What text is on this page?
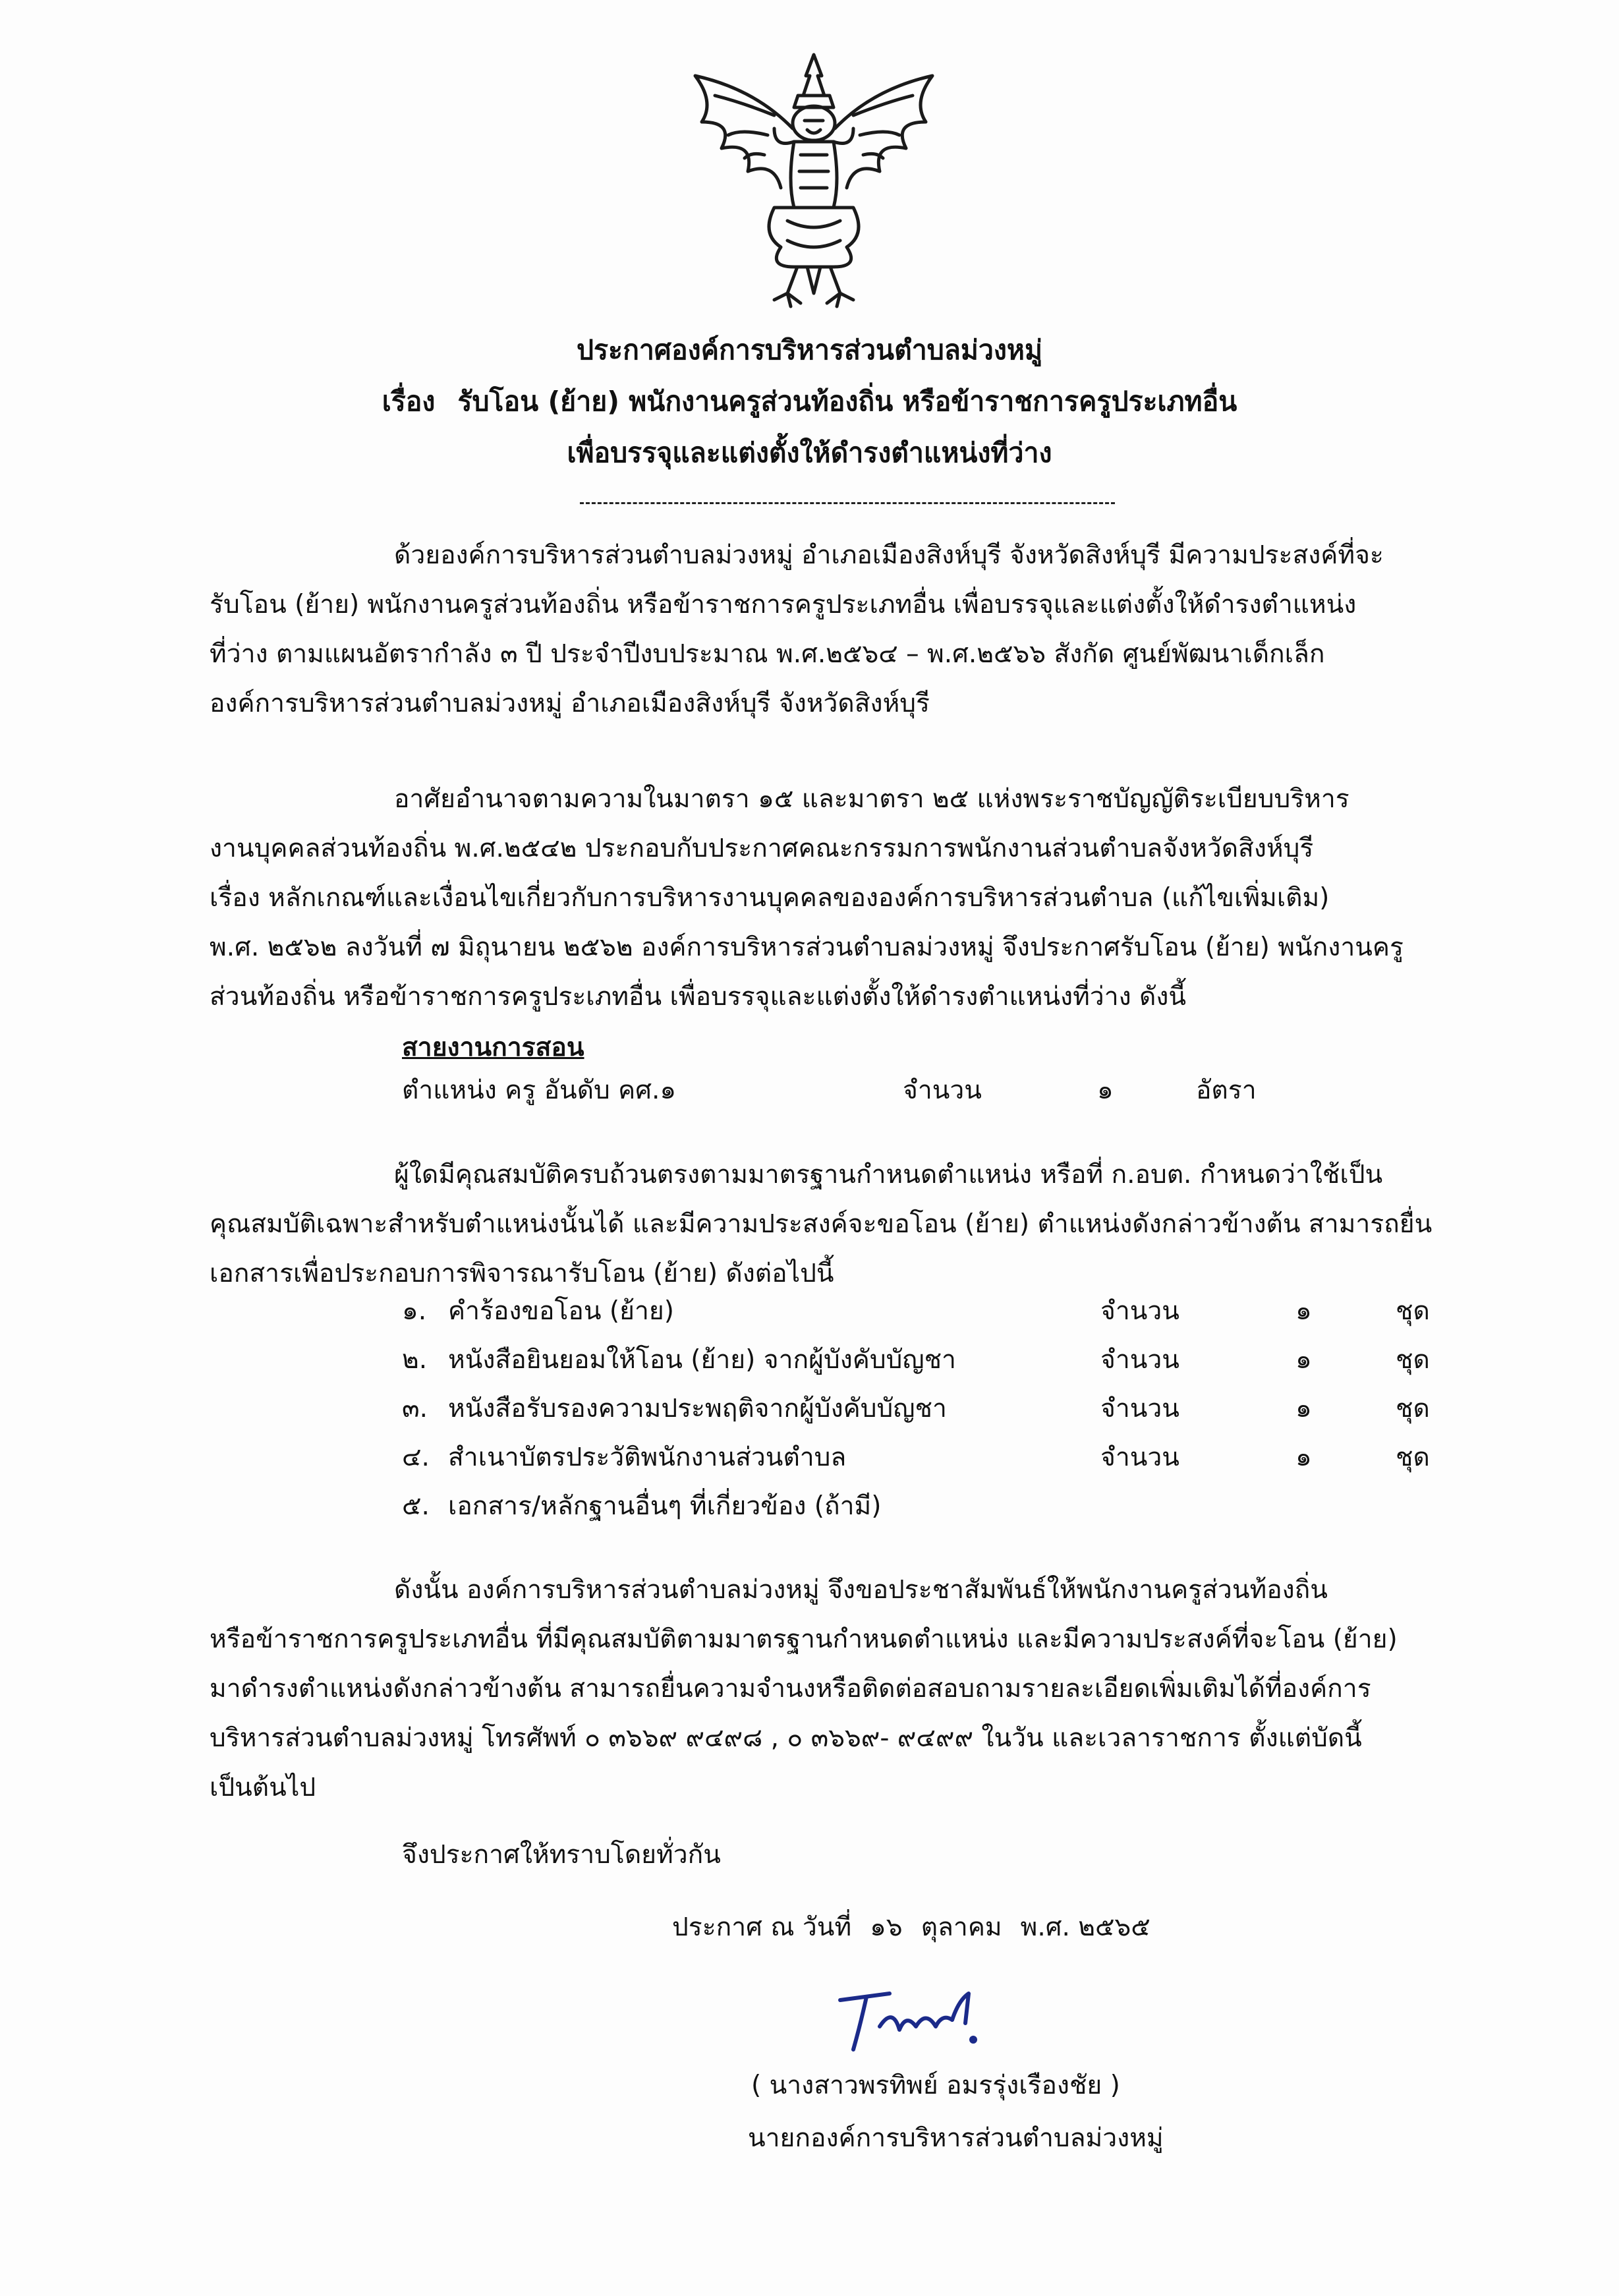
ประกาศองค์การบริหารส่วนตำบลม่วงหมู่
เรื่อง รับโอน (ย้าย) พนักงานครูส่วนท้องถิ่น หรือข้าราชการครูประเภทอื่น
เพื่อบรรจุและแต่งตั้งให้ดำรงตำแหน่งที่ว่าง

ด้วยองค์การบริหารส่วนตำบลม่วงหมู่ อำเภอเมืองสิงห์บุรี จังหวัดสิงห์บุรี มีความประสงค์ที่จะ
รับโอน (ย้าย) พนักงานครูส่วนท้องถิ่น หรือข้าราชการครูประเภทอื่น เพื่อบรรจุและแต่งตั้งให้ดำรงตำแหน่ง
ที่ว่าง ตามแผนอัตรากำลัง ๓ ปี ประจำปีงบประมาณ พ.ศ.๒๕๖๔ – พ.ศ.๒๕๖๖ สังกัด ศูนย์พัฒนาเด็กเล็ก
องค์การบริหารส่วนตำบลม่วงหมู่ อำเภอเมืองสิงห์บุรี จังหวัดสิงห์บุรี

อาศัยอำนาจตามความในมาตรา ๑๕ และมาตรา ๒๕ แห่งพระราชบัญญัติระเบียบบริหาร
งานบุคคลส่วนท้องถิ่น พ.ศ.๒๕๔๒ ประกอบกับประกาศคณะกรรมการพนักงานส่วนตำบลจังหวัดสิงห์บุรี
เรื่อง หลักเกณฑ์และเงื่อนไขเกี่ยวกับการบริหารงานบุคคลขององค์การบริหารส่วนตำบล (แก้ไขเพิ่มเติม)
พ.ศ. ๒๕๖๒ ลงวันที่ ๗ มิถุนายน ๒๕๖๒ องค์การบริหารส่วนตำบลม่วงหมู่ จึงประกาศรับโอน (ย้าย) พนักงานครู
ส่วนท้องถิ่น หรือข้าราชการครูประเภทอื่น เพื่อบรรจุและแต่งตั้งให้ดำรงตำแหน่งที่ว่าง ดังนี้

สายงานการสอน
ตำแหน่ง ครู อันดับ คศ.๑	จำนวน	๑	อัตรา

ผู้ใดมีคุณสมบัติครบถ้วนตรงตามมาตรฐานกำหนดตำแหน่ง หรือที่ ก.อบต. กำหนดว่าใช้เป็น
คุณสมบัติเฉพาะสำหรับตำแหน่งนั้นได้ และมีความประสงค์จะขอโอน (ย้าย) ตำแหน่งดังกล่าวข้างต้น สามารถยื่น
เอกสารเพื่อประกอบการพิจารณารับโอน (ย้าย) ดังต่อไปนี้

๑. คำร้องขอโอน (ย้าย)	จำนวน	๑	ชุด
๒. หนังสือยินยอมให้โอน (ย้าย) จากผู้บังคับบัญชา	จำนวน	๑	ชุด
๓. หนังสือรับรองความประพฤติจากผู้บังคับบัญชา	จำนวน	๑	ชุด
๔. สำเนาบัตรประวัติพนักงานส่วนตำบล	จำนวน	๑	ชุด
๕. เอกสาร/หลักฐานอื่นๆ ที่เกี่ยวข้อง (ถ้ามี)

ดังนั้น องค์การบริหารส่วนตำบลม่วงหมู่ จึงขอประชาสัมพันธ์ให้พนักงานครูส่วนท้องถิ่น
หรือข้าราชการครูประเภทอื่น ที่มีคุณสมบัติตามมาตรฐานกำหนดตำแหน่ง และมีความประสงค์ที่จะโอน (ย้าย)
มาดำรงตำแหน่งดังกล่าวข้างต้น สามารถยื่นความจำนงหรือติดต่อสอบถามรายละเอียดเพิ่มเติมได้ที่องค์การ
บริหารส่วนตำบลม่วงหมู่ โทรศัพท์ ๐ ๓๖๖๙ ๙๔๙๘ , ๐ ๓๖๖๙- ๙๔๙๙ ในวัน และเวลาราชการ ตั้งแต่บัดนี้
เป็นต้นไป

จึงประกาศให้ทราบโดยทั่วกัน
ประกาศ ณ วันที่ ๑๖ ตุลาคม พ.ศ. ๒๕๖๕
( นางสาวพรทิพย์ อมรรุ่งเรืองชัย )
นายกองค์การบริหารส่วนตำบลม่วงหมู่
